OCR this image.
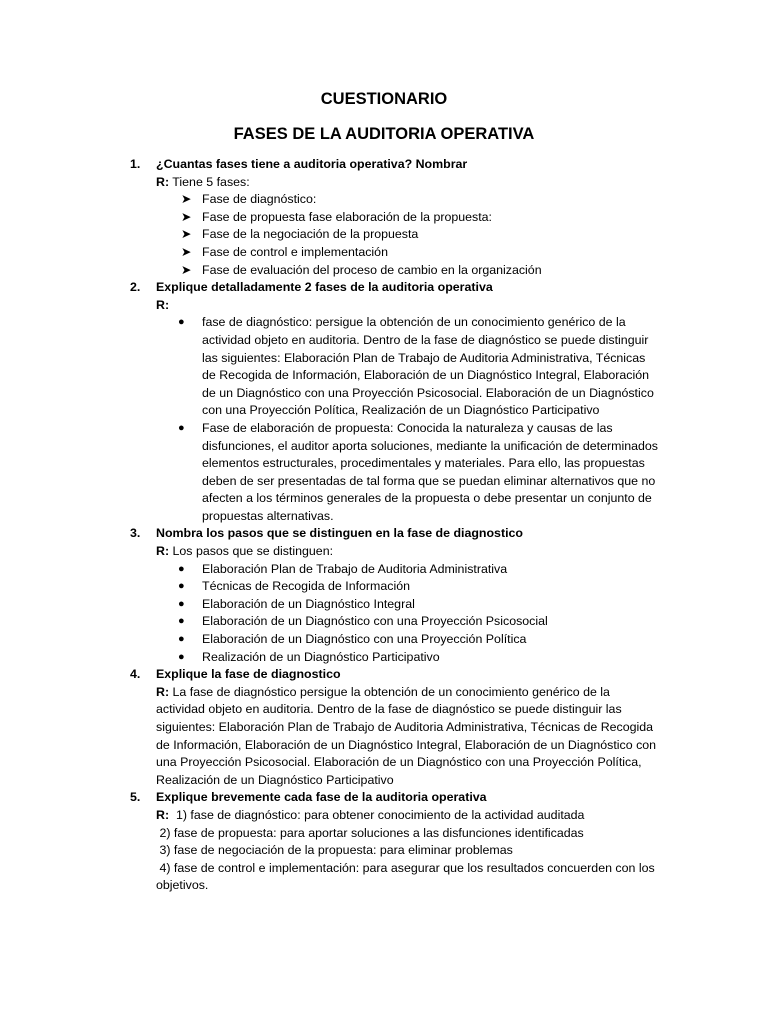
CUESTIONARIO
FASES DE LA AUDITORIA OPERATIVA
1.	¿Cuantas fases tiene a auditoria operativa? Nombrar
R: Tiene 5 fases:
➤ Fase de diagnóstico:
➤ Fase de propuesta fase elaboración de la propuesta:
➤ Fase de la negociación de la propuesta
➤ Fase de control e implementación
➤ Fase de evaluación del proceso de cambio en la organización
2.	Explique detalladamente 2 fases de la auditoria operativa
R:
●	fase de diagnóstico: persigue la obtención de un conocimiento genérico de la actividad objeto en auditoria. Dentro de la fase de diagnóstico se puede distinguir las siguientes: Elaboración Plan de Trabajo de Auditoria Administrativa, Técnicas de Recogida de Información, Elaboración de un Diagnóstico Integral, Elaboración de un Diagnóstico con una Proyección Psicosocial. Elaboración de un Diagnóstico con una Proyección Política, Realización de un Diagnóstico Participativo
●	Fase de elaboración de propuesta: Conocida la naturaleza y causas de las disfunciones, el auditor aporta soluciones, mediante la unificación de determinados elementos estructurales, procedimentales y materiales. Para ello, las propuestas deben de ser presentadas de tal forma que se puedan eliminar alternativos que no afecten a los términos generales de la propuesta o debe presentar un conjunto de propuestas alternativas.
3.	Nombra los pasos que se distinguen en la fase de diagnostico
R: Los pasos que se distinguen:
●	Elaboración Plan de Trabajo de Auditoria Administrativa
●	Técnicas de Recogida de Información
●	Elaboración de un Diagnóstico Integral
●	Elaboración de un Diagnóstico con una Proyección Psicosocial
●	Elaboración de un Diagnóstico con una Proyección Política
●	Realización de un Diagnóstico Participativo
4.	Explique la fase de diagnostico
R: La fase de diagnóstico persigue la obtención de un conocimiento genérico de la actividad objeto en auditoria. Dentro de la fase de diagnóstico se puede distinguir las siguientes: Elaboración Plan de Trabajo de Auditoria Administrativa, Técnicas de Recogida de Información, Elaboración de un Diagnóstico Integral, Elaboración de un Diagnóstico con una Proyección Psicosocial. Elaboración de un Diagnóstico con una Proyección Política, Realización de un Diagnóstico Participativo
5.	Explique brevemente cada fase de la auditoria operativa
R:  1) fase de diagnóstico: para obtener conocimiento de la actividad auditada
2) fase de propuesta: para aportar soluciones a las disfunciones identificadas
3) fase de negociación de la propuesta: para eliminar problemas
4) fase de control e implementación: para asegurar que los resultados concuerden con los objetivos.
